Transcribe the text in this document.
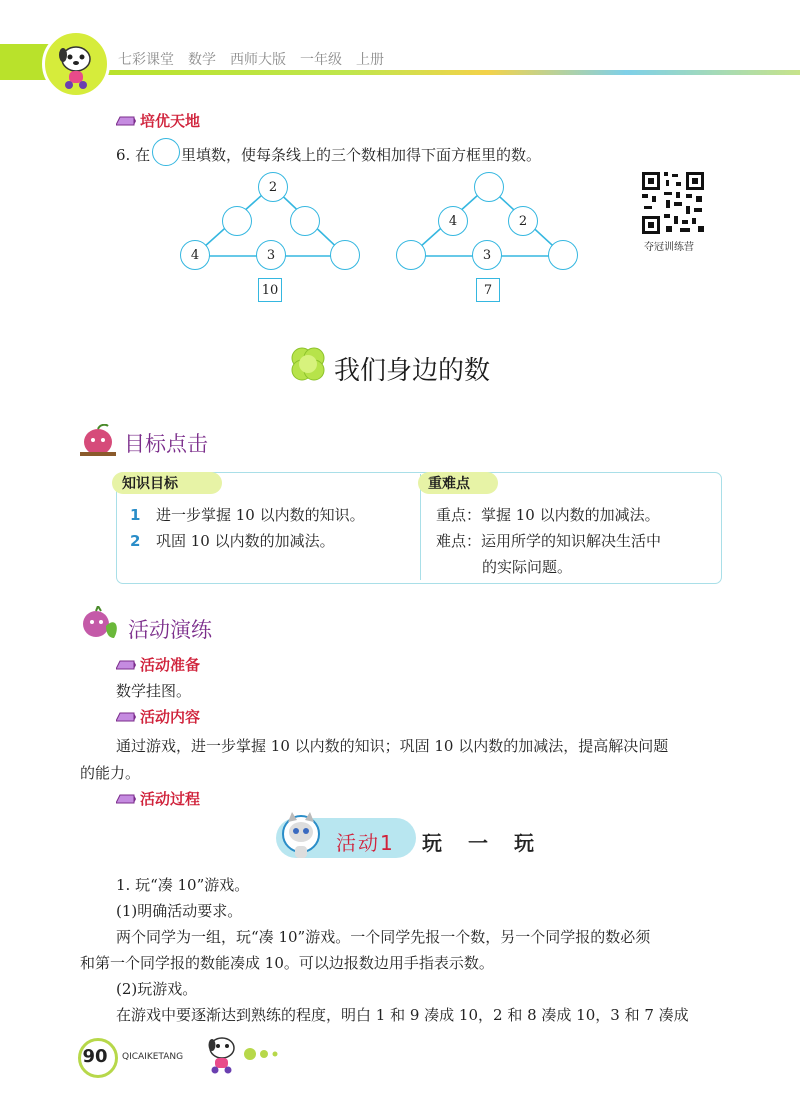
七彩课堂　数学　西师大版　一年级　上册
培优天地
6. 在 里填数，使每条线上的三个数相加得下面方框里的数。
2
4	3
10
4	2
3
7
夺冠训练营
我们身边的数
目标点击
知识目标	重难点
1 进一步掌握 10 以内数的知识。
2 巩固 10 以内数的加减法。
重点：掌握 10 以内数的加减法。
难点：运用所学的知识解决生活中
的实际问题。
活动演练
活动准备
数学挂图。
活动内容
通过游戏，进一步掌握 10 以内数的知识；巩固 10 以内数的加减法，提高解决问题
的能力。
活动过程
活动1 玩一玩
1. 玩“凑 10”游戏。
(1)明确活动要求。
两个同学为一组，玩“凑 10”游戏。一个同学先报一个数，另一个同学报的数必须
和第一个同学报的数能凑成 10。可以边报数边用手指表示数。
(2)玩游戏。
在游戏中要逐渐达到熟练的程度，明白 1 和 9 凑成 10，2 和 8 凑成 10，3 和 7 凑成
90	QICAIKETANG
